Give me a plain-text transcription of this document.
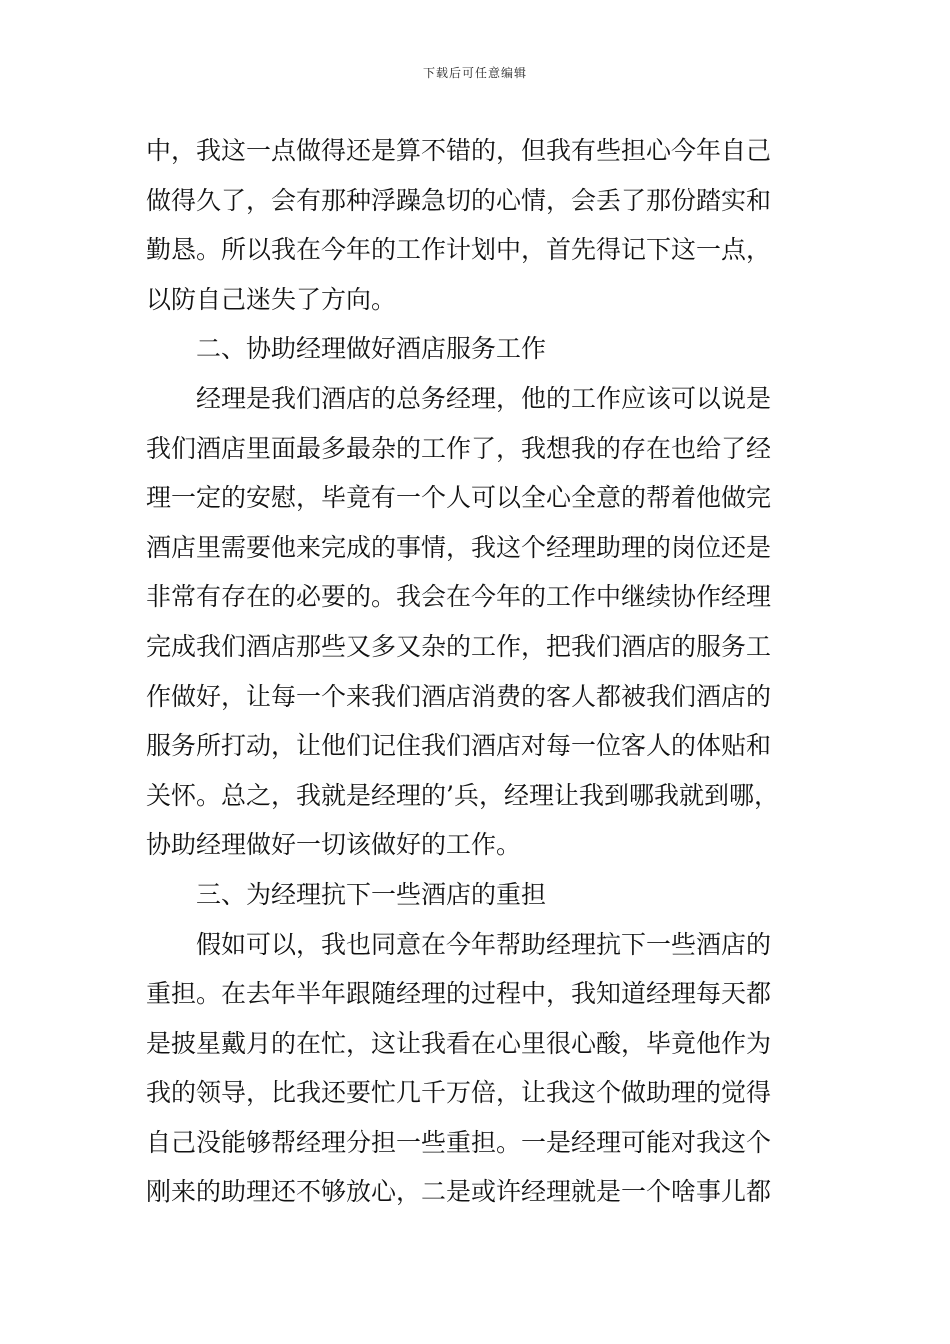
下载后可任意编辑
中，我这一点做得还是算不错的，但我有些担心今年自己
做得久了，会有那种浮躁急切的心情，会丢了那份踏实和
勤恳。所以我在今年的工作计划中，首先得记下这一点，
以防自己迷失了方向。
二、协助经理做好酒店服务工作
经理是我们酒店的总务经理，他的工作应该可以说是
我们酒店里面最多最杂的工作了，我想我的存在也给了经
理一定的安慰，毕竟有一个人可以全心全意的帮着他做完
酒店里需要他来完成的事情，我这个经理助理的岗位还是
非常有存在的必要的。我会在今年的工作中继续协作经理
完成我们酒店那些又多又杂的工作，把我们酒店的服务工
作做好，让每一个来我们酒店消费的客人都被我们酒店的
服务所打动，让他们记住我们酒店对每一位客人的体贴和
关怀。总之，我就是经理的’兵，经理让我到哪我就到哪，
协助经理做好一切该做好的工作。
三、为经理抗下一些酒店的重担
假如可以，我也同意在今年帮助经理抗下一些酒店的
重担。在去年半年跟随经理的过程中，我知道经理每天都
是披星戴月的在忙，这让我看在心里很心酸，毕竟他作为
我的领导，比我还要忙几千万倍，让我这个做助理的觉得
自己没能够帮经理分担一些重担。一是经理可能对我这个
刚来的助理还不够放心，二是或许经理就是一个啥事儿都
